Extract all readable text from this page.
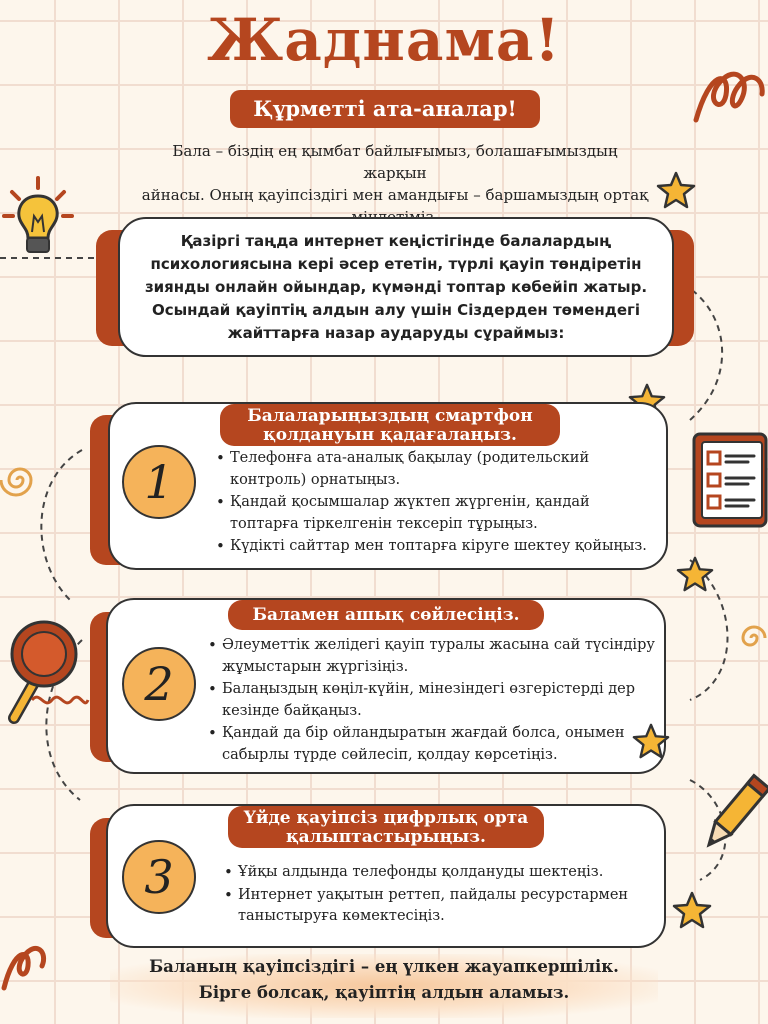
Жаднама!
Құрметті ата-аналар!
Бала – біздің ең қымбат байлығымыз, болашағымыздың жарқын
айнасы. Оның қауіпсіздігі мен амандығы – баршамыздың ортақ
Қазіргі таңда интернет кеңістігінде балалардың
психологиясына кері әсер ететін, түрлі қауіп төндіретін
зиянды онлайн ойындар, күмәнді топтар көбейіп жатыр.
Осындай қауіптің алдын алу үшін Сіздерден төмендегі
жайттарға назар аударуды сұраймыз:
Балаларыңыздың смартфон
қолдануын қадағалаңыз.
1	• Телефонға ата-аналық бақылау (родительский контроль) орнатыңыз.
• Қандай қосымшалар жүктеп жүргенін, қандай топтарға тіркелгенін тексеріп тұрыңыз.
• Күдікті сайттар мен топтарға кіруге шектеу қойыңыз.
Баламен ашық сөйлесіңіз.
2
• Әлеуметтік желідегі қауіп туралы жасына сай түсіндіру жұмыстарын жүргізіңіз.
• Балаңыздың көңіл-күйін, мінезіндегі өзгерістерді дер кезінде байқаңыз.
• Қандай да бір ойландыратын жағдай болса, онымен сабырлы түрде сөйлесіп, қолдау көрсетіңіз.
Үйде қауіпсіз цифрлық орта
қалыптастырыңыз.
3	• Ұйқы алдында телефонды қолдануды шектеңіз.
• Интернет уақытын реттеп, пайдалы ресурстармен таныстыруға көмектесіңіз.
Баланың қауіпсіздігі – ең үлкен жауапкершілік.
Бірге болсақ, қауіптің алдын аламыз.
